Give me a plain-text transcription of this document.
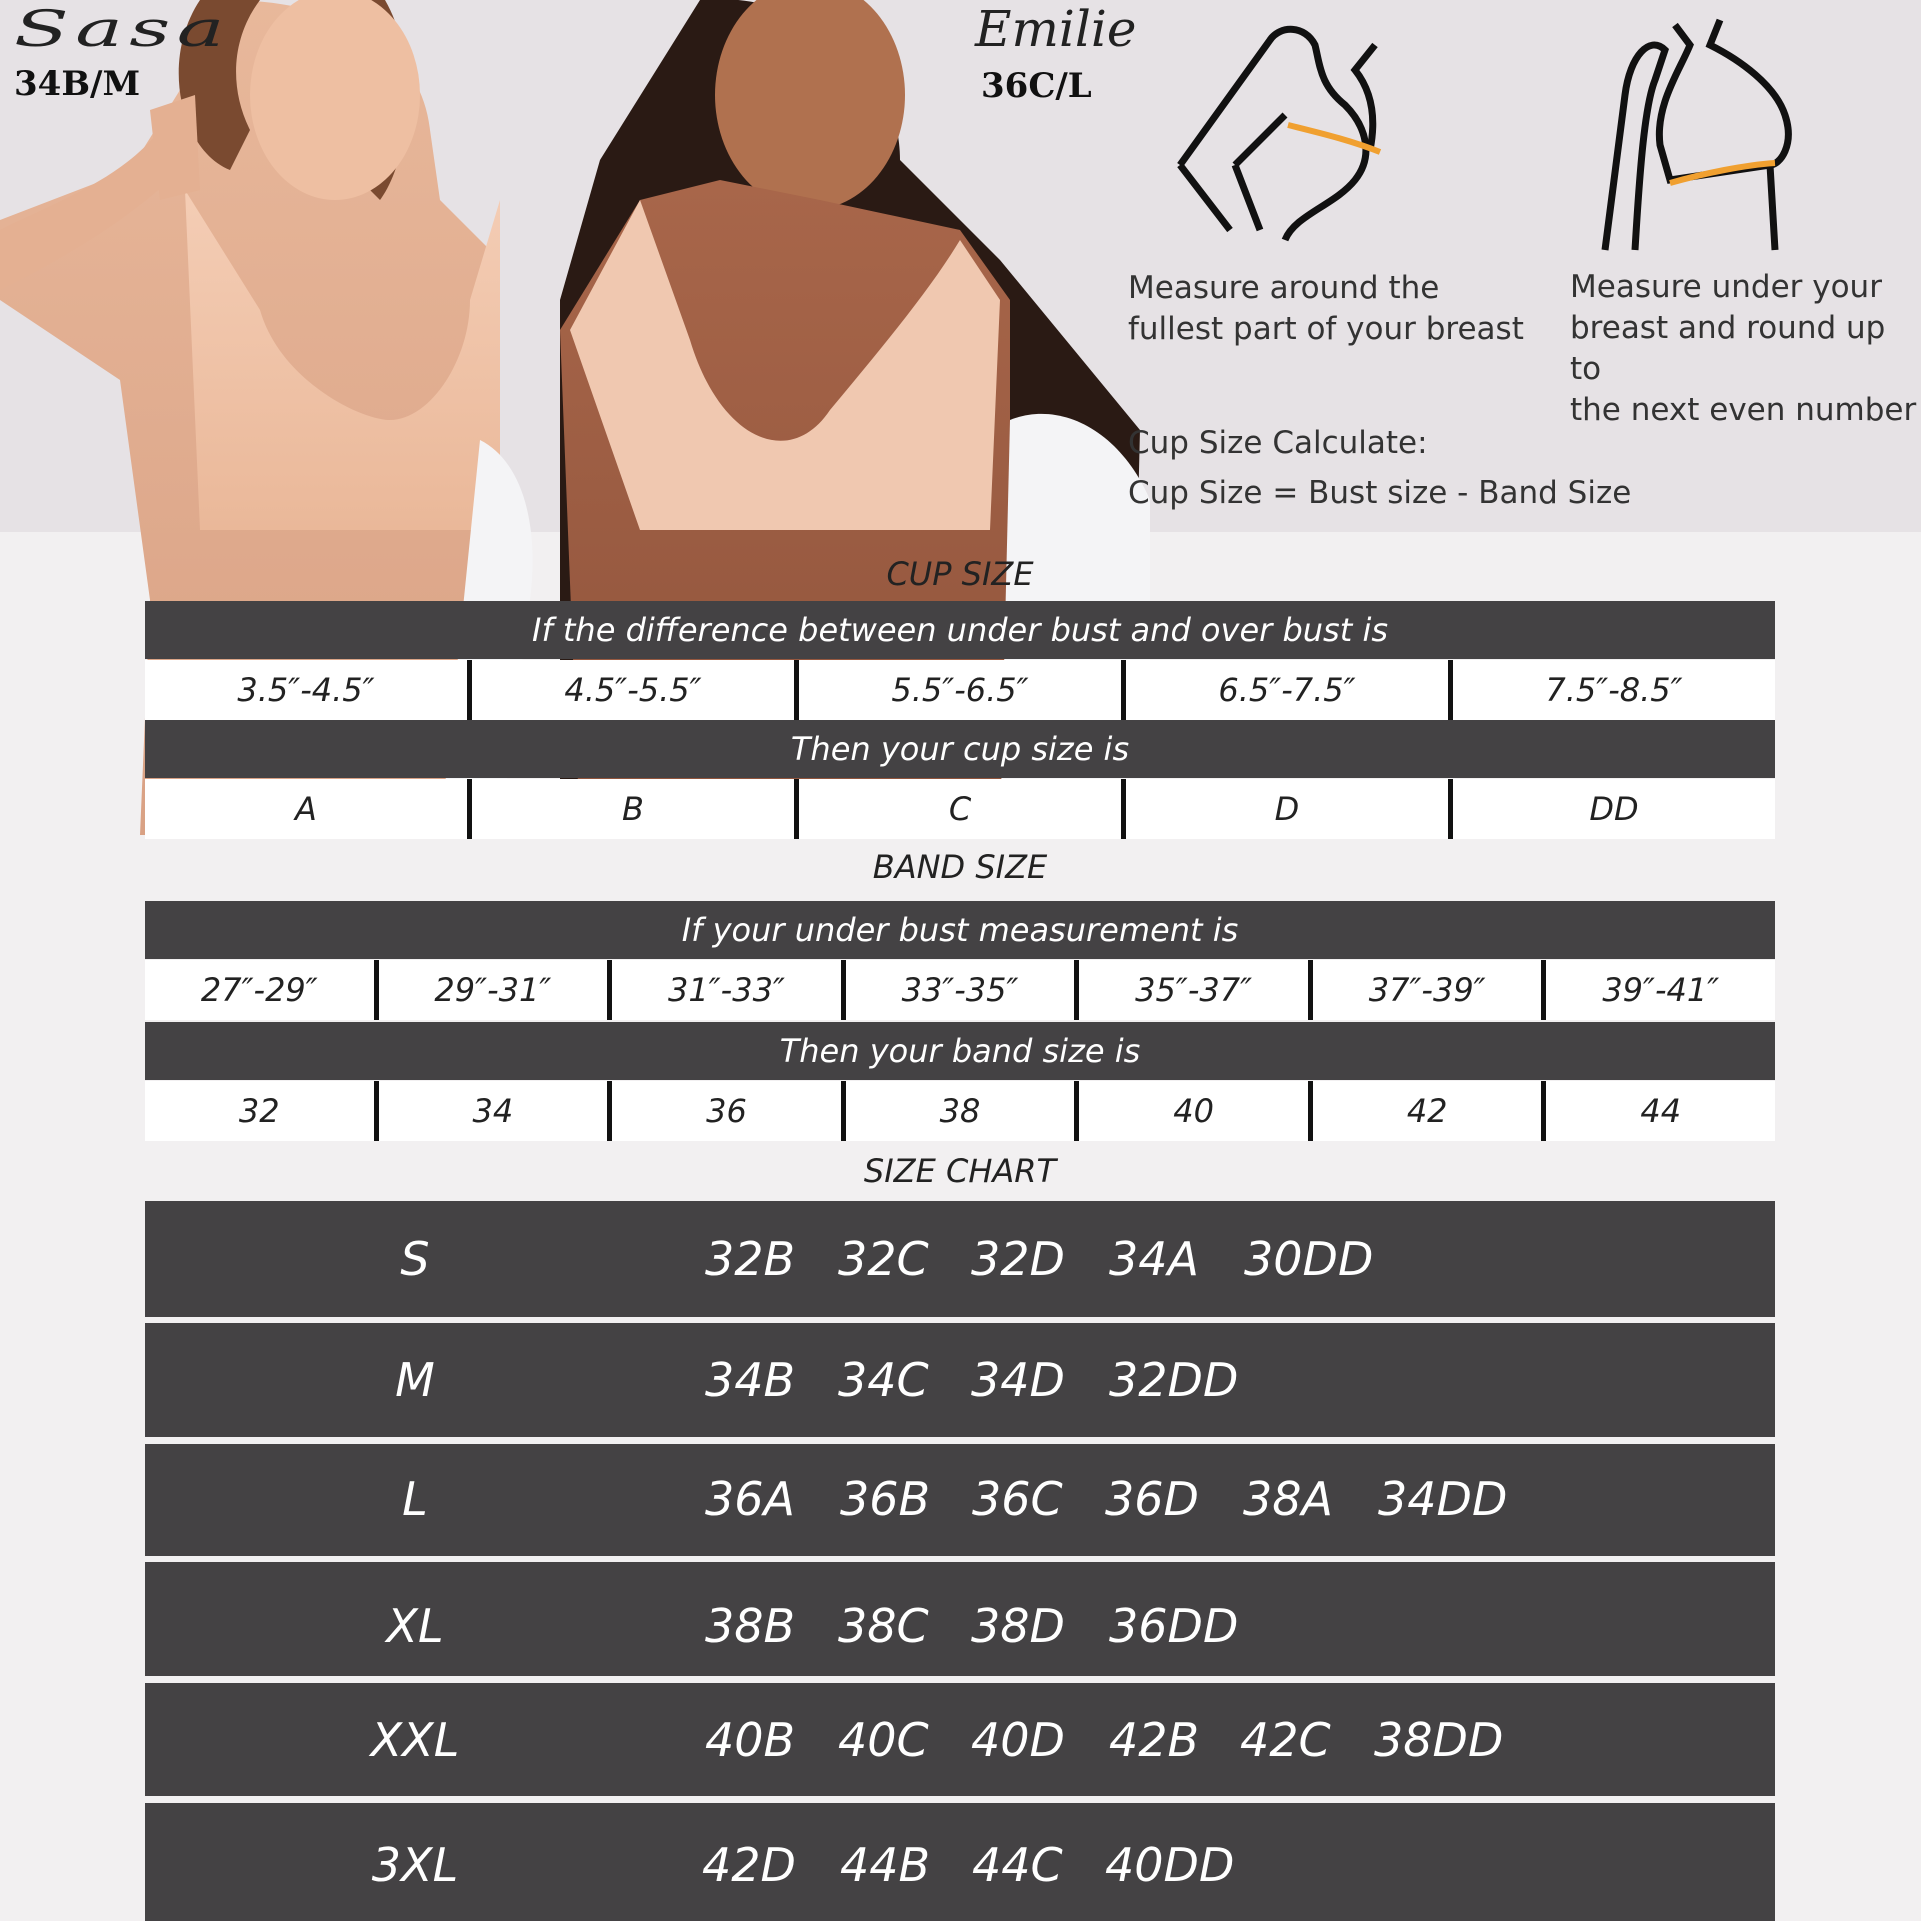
Sasa
34B/M
Emilie
36C/L
Measure around the
fullest part of your breast
Measure under your
breast and round up to
the next even number
Cup Size Calculate:
Cup Size = Bust size - Band Size
CUP SIZE
If the difference between under bust and over bust is
3.5″-4.5″	4.5″-5.5″	5.5″-6.5″	6.5″-7.5″	7.5″-8.5″
Then your cup size is
A	B	C	D	DD
BAND SIZE
If your under bust measurement is
27″-29″	29″-31″	31″-33″	33″-35″	35″-37″	37″-39″	39″-41″
Then your band size is
32	34	36	38	40	42	44
SIZE CHART
S	32B 32C 32D 34A 30DD
M	34B 34C 34D 32DD
L	36A 36B 36C 36D 38A 34DD
XL	38B 38C 38D 36DD
XXL	40B 40C 40D 42B 42C 38DD
3XL	42D 44B 44C 40DD
